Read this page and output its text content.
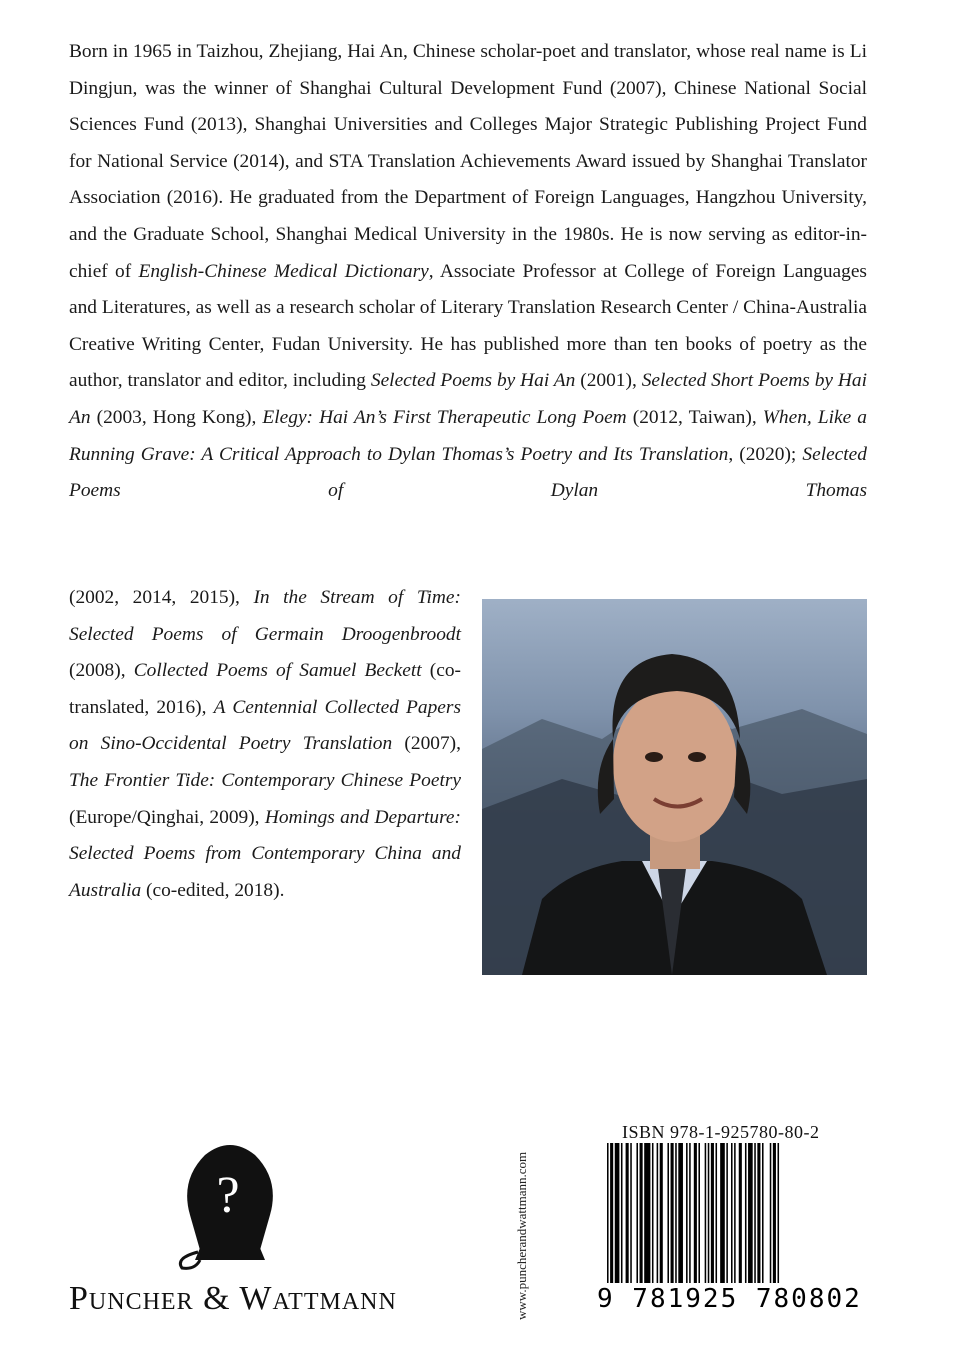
Born in 1965 in Taizhou, Zhejiang, Hai An, Chinese scholar-poet and translator, whose real name is Li Dingjun, was the winner of Shanghai Cultural Development Fund (2007), Chinese National Social Sciences Fund (2013), Shanghai Universities and Colleges Major Strategic Publishing Project Fund for National Service (2014), and STA Translation Achievements Award issued by Shanghai Translator Association (2016). He graduated from the Department of Foreign Languages, Hangzhou University, and the Graduate School, Shanghai Medical University in the 1980s. He is now serving as editor-in-chief of English-Chinese Medical Dictionary, Associate Professor at College of Foreign Languages and Literatures, as well as a research scholar of Literary Translation Research Center / China-Australia Creative Writing Center, Fudan University. He has published more than ten books of poetry as the author, translator and editor, including Selected Poems by Hai An (2001), Selected Short Poems by Hai An (2003, Hong Kong), Elegy: Hai An’s First Therapeutic Long Poem (2012, Taiwan), When, Like a Running Grave: A Critical Approach to Dylan Thomas’s Poetry and Its Translation, (2020); Selected Poems of Dylan Thomas
(2002, 2014, 2015), In the Stream of Time: Selected Poems of Germain Droogenbroodt (2008), Collected Poems of Samuel Beckett (co-translated, 2016), A Centennial Collected Papers on Sino-Occidental Poetry Translation (2007), The Frontier Tide: Contemporary Chinese Poetry (Europe/Qinghai, 2009), Homings and Departure: Selected Poems from Contemporary China and Australia (co-edited, 2018).
?
Puncher & Wattmann	www.puncherandwattmann.com
ISBN 978-1-925780-80-2
9 781925 780802
